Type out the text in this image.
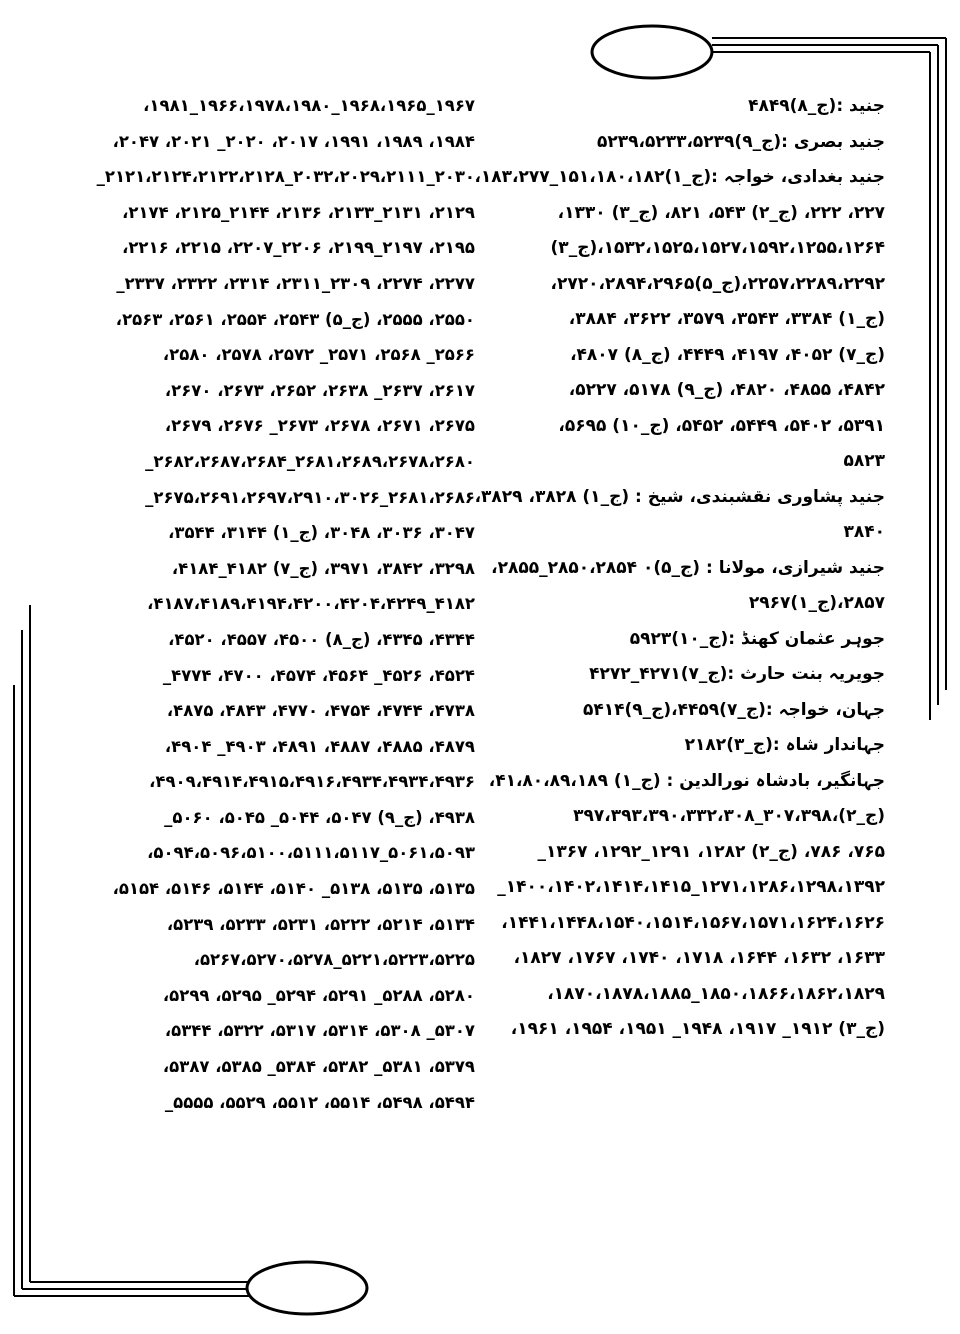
جنید :(ج_۸)۴۸۴۹
جنید بصری :(ج_۹)۵۲۳۹،۵۲۳۳،۵۲۳۹
جنید بغدادی، خواجہ :(ج_۱)۱۵۱،۱۸۰،۱۸۲_۱۸۳،۲۷۷،
۲۲۷، ۲۲۲، (ج_۲) ۵۴۳، ۸۲۱، (ج_۳) ۱۳۳۰،
۱۵۳۲،۱۵۲۵،۱۵۲۷،۱۵۹۲،۱۲۵۵،۱۲۶۴،(ج_۳)
۲۲۵۷،۲۲۸۹،۲۲۹۲،(ج_۵)۲۷۲۰،۲۸۹۴،۲۹۶۵،
(ج_۱) ۳۳۸۴، ۳۵۴۳، ۳۵۷۹، ۳۶۲۲، ۳۸۸۴،
(ج_۷) ۴۰۵۲، ۴۱۹۷، ۴۴۴۹، (ج_۸) ۴۸۰۷،
۴۸۴۲، ۴۸۵۵، ۴۸۲۰، (ج_۹) ۵۱۷۸، ۵۲۲۷،
۵۳۹۱، ۵۴۰۲، ۵۴۴۹، ۵۴۵۲، (ج_۱۰) ۵۶۹۵،
۵۸۲۳
جنید پشاوری نقشبندی، شیخ : (ج_۱) ۳۸۲۸، ۳۸۲۹،
۳۸۴۰
جنید شیرازی، مولانا : (ج_۵)۰ ۲۸۵۰،۲۸۵۴_۲۸۵۵،
۲۸۵۷،(ج_۱)۲۹۶۷
جوہر عثمان کھنڈ :(ج_۱۰)۵۹۲۳
جویریہ بنت حارث :(ج_۷)۴۲۷۱_۴۲۷۲
جہان، خواجہ :(ج_۷)۴۴۵۹،(ج_۹)۵۴۱۴
جہاندار شاہ :(ج_۳)۲۱۸۲
جہانگیر، بادشاہ نورالدین : (ج_۱) ۴۱،۸۰،۸۹،۱۸۹،
(ج_۲)،۳۰۷،۳۹۸_۳۹۷،۳۹۳،۳۹۰،۳۳۲،۳۰۸
۷۶۵، ۷۸۶، (ج_۲) ۱۲۸۲، ۱۲۹۱_۱۲۹۲، ۱۳۶۷_
۱۲۷۱،۱۲۸۶،۱۲۹۸،۱۳۹۲_۱۴۰۰،۱۴۰۲،۱۴۱۴،۱۴۱۵_
۱۴۴۱،۱۴۴۸،۱۵۴۰،۱۵۱۴،۱۵۶۷،۱۵۷۱،۱۶۲۴،۱۶۲۶،
۱۶۳۳، ۱۶۳۲، ۱۶۴۴، ۱۷۱۸، ۱۷۴۰، ۱۷۶۷، ۱۸۲۷،
۱۸۵۰،۱۸۶۶،۱۸۶۲،۱۸۲۹_۱۸۷۰،۱۸۷۸،۱۸۸۵،
(ج_۳) ۱۹۱۲_ ۱۹۱۷، ۱۹۴۸_ ۱۹۵۱، ۱۹۵۴، ۱۹۶۱،
۱۹۶۷_۱۹۶۸،۱۹۶۵_۱۹۶۶،۱۹۷۸،۱۹۸۰_۱۹۸۱،
۱۹۸۴، ۱۹۸۹، ۱۹۹۱، ۲۰۱۷، ۲۰۲۰_ ۲۰۲۱، ۲۰۴۷،
۲۰۳۰_۲۰۳۲،۲۰۲۹،۲۱۱۱_۲۱۲۱،۲۱۲۴،۲۱۲۲،۲۱۲۸_
۲۱۲۹، ۲۱۳۱_۲۱۳۳، ۲۱۳۶، ۲۱۴۴_۲۱۲۵، ۲۱۷۴،
۲۱۹۵، ۲۱۹۷_۲۱۹۹، ۲۲۰۶_۲۲۰۷، ۲۲۱۵، ۲۲۱۶،
۲۲۷۷، ۲۲۷۴، ۲۳۰۹_۲۳۱۱، ۲۳۱۴، ۲۳۲۲، ۲۳۳۷_
۲۵۵۰، ۲۵۵۵، (ج_۵) ۲۵۴۳، ۲۵۵۴، ۲۵۶۱، ۲۵۶۳،
۲۵۶۶_ ۲۵۶۸، ۲۵۷۱_ ۲۵۷۲، ۲۵۷۸، ۲۵۸۰،
۲۶۱۷، ۲۶۳۷_ ۲۶۳۸، ۲۶۵۲، ۲۶۷۳، ۲۶۷۰،
۲۶۷۵، ۲۶۷۱، ۲۶۷۸، ۲۶۷۳_ ۲۶۷۶، ۲۶۷۹،
۲۶۸۱،۲۶۸۹،۲۶۷۸،۲۶۸۰_۲۶۸۲،۲۶۸۷،۲۶۸۴_
۲۶۸۱،۲۶۸۶_۲۶۷۵،۲۶۹۱،۲۶۹۷،۲۹۱۰،۳۰۲۶_
۳۰۴۷، ۳۰۳۶، ۳۰۴۸، (ج_۱) ۳۱۴۴، ۳۵۴۴،
۳۲۹۸، ۳۸۴۲، ۳۹۷۱، (ج_۷) ۴۱۸۲_۴۱۸۴،
۴۱۸۲_۴۱۸۷،۴۱۸۹،۴۱۹۴،۴۲۰۰،۴۲۰۴،۴۲۴۹،
۴۳۴۴، ۴۳۴۵، (ج_۸) ۴۵۰۰، ۴۵۵۷، ۴۵۲۰،
۴۵۲۴، ۴۵۲۶_ ۴۵۶۴، ۴۵۷۴، ۴۷۰۰، ۴۷۷۴_
۴۷۳۸، ۴۷۴۴، ۴۷۵۴، ۴۷۷۰، ۴۸۴۳، ۴۸۷۵،
۴۸۷۹، ۴۸۸۵، ۴۸۸۷، ۴۸۹۱، ۴۹۰۳_ ۴۹۰۴،
۴۹۰۹،۴۹۱۴،۴۹۱۵،۴۹۱۶،۴۹۳۴،۴۹۳۴،۴۹۳۶،
۴۹۳۸، (ج_۹) ۵۰۴۷، ۵۰۴۴_ ۵۰۴۵، ۵۰۶۰_
۵۰۶۱،۵۰۹۳_۵۰۹۴،۵۰۹۶،۵۱۰۰،۵۱۱۱،۵۱۱۷،
۵۱۳۵، ۵۱۳۵، ۵۱۳۸_ ۵۱۴۰، ۵۱۴۴، ۵۱۴۶، ۵۱۵۴،
۵۱۳۴، ۵۲۱۴، ۵۲۲۲، ۵۲۳۱، ۵۲۳۳، ۵۲۳۹،
۵۲۲۱،۵۲۲۳،۵۲۲۵_۵۲۶۷،۵۲۷۰،۵۲۷۸،
۵۲۸۰، ۵۲۸۸_ ۵۲۹۱، ۵۲۹۴_ ۵۲۹۵، ۵۲۹۹،
۵۳۰۷_ ۵۳۰۸، ۵۳۱۴، ۵۳۱۷، ۵۳۲۲، ۵۳۴۴،
۵۳۷۹، ۵۳۸۱_ ۵۳۸۲، ۵۳۸۴_ ۵۳۸۵، ۵۳۸۷،
۵۴۹۴، ۵۴۹۸، ۵۵۱۴، ۵۵۱۲، ۵۵۲۹، ۵۵۵۵_
